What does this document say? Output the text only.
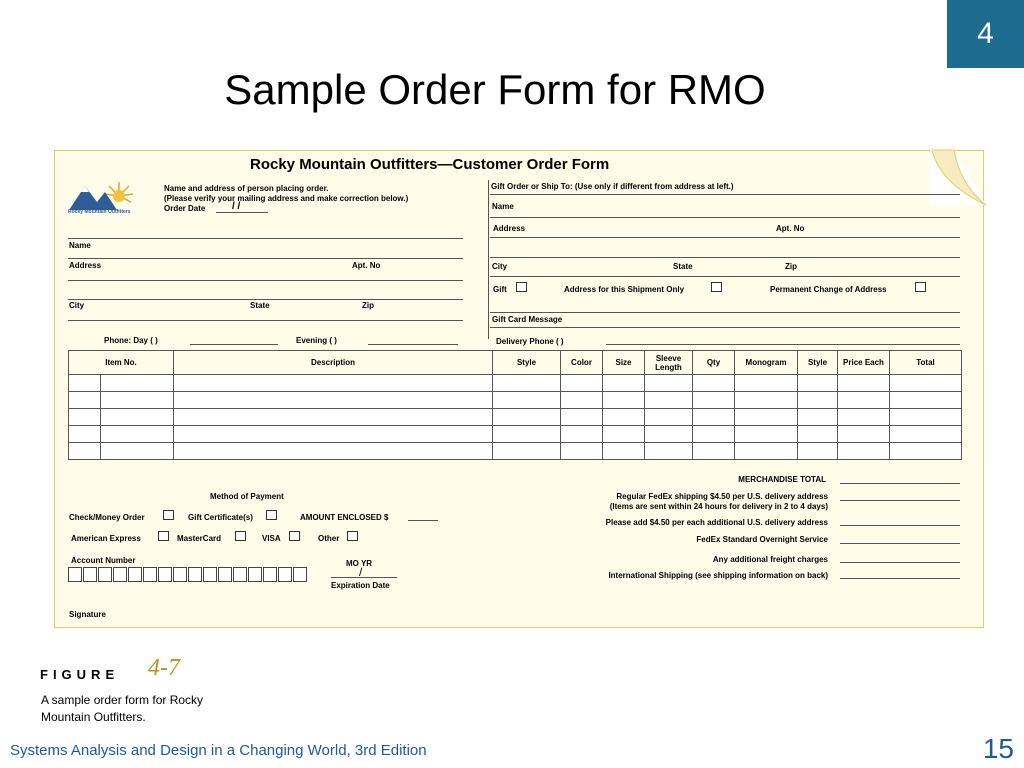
4
Sample Order Form for RMO
Rocky Mountain Outfitters—Customer Order Form
Rocky Mountain Outfitters
Name and address of person placing order.
(Please verify your mailing address and make correction below.)
Order Date	/ /
Name
Address	Apt. No
City	State	Zip
Phone: Day ( )	Evening ( )
Gift Order or Ship To: (Use only if different from address at left.)
Name
Address	Apt. No
City	State	Zip
Gift	Address for this Shipment Only	Permanent Change of Address
Gift Card Message
Delivery Phone ( )
Item No.		Description	Style	Color	Size	Sleeve Length	Qty	Monogram	Style	Price Each	Total

Method of Payment
Check/Money Order	Gift Certificate(s)	AMOUNT ENCLOSED $
American Express	MasterCard	VISA	Other
Account Number	MO YR
/
Expiration Date
Signature
MERCHANDISE TOTAL
Regular FedEx shipping $4.50 per U.S. delivery address
(Items are sent within 24 hours for delivery in 2 to 4 days)
Please add $4.50 per each additional U.S. delivery address
FedEx Standard Overnight Service
Any additional freight charges
International Shipping (see shipping information on back)
FIGURE 4-7
A sample order form for Rocky Mountain Outfitters.
Systems Analysis and Design in a Changing World, 3rd Edition	15
